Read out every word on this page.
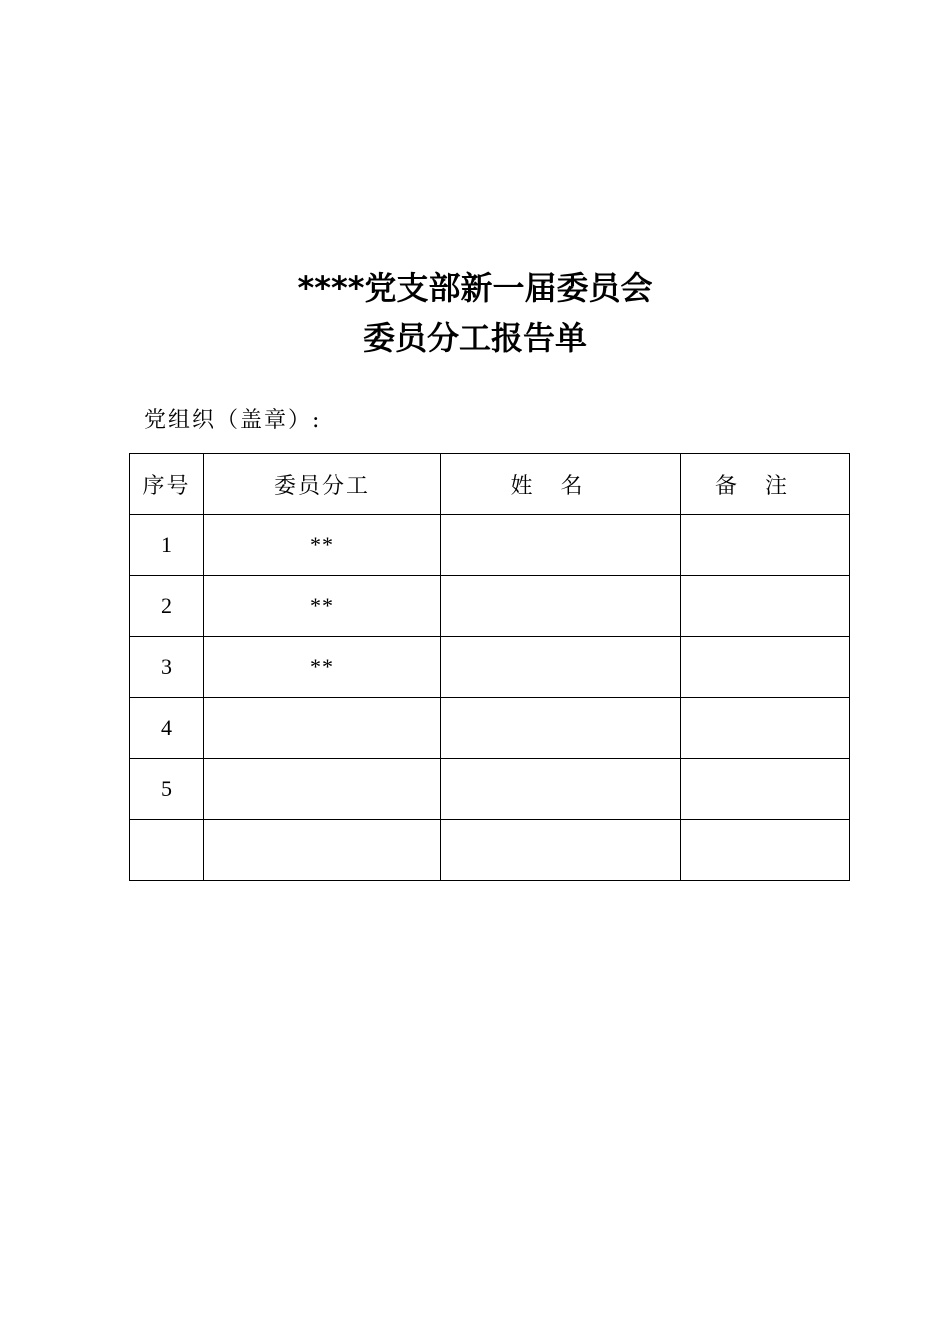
****党支部新一届委员会
委员分工报告单
党组织（盖章）:
序号	委员分工	姓名	备注
1	**		
2	**		
3	**		
4			
5			
